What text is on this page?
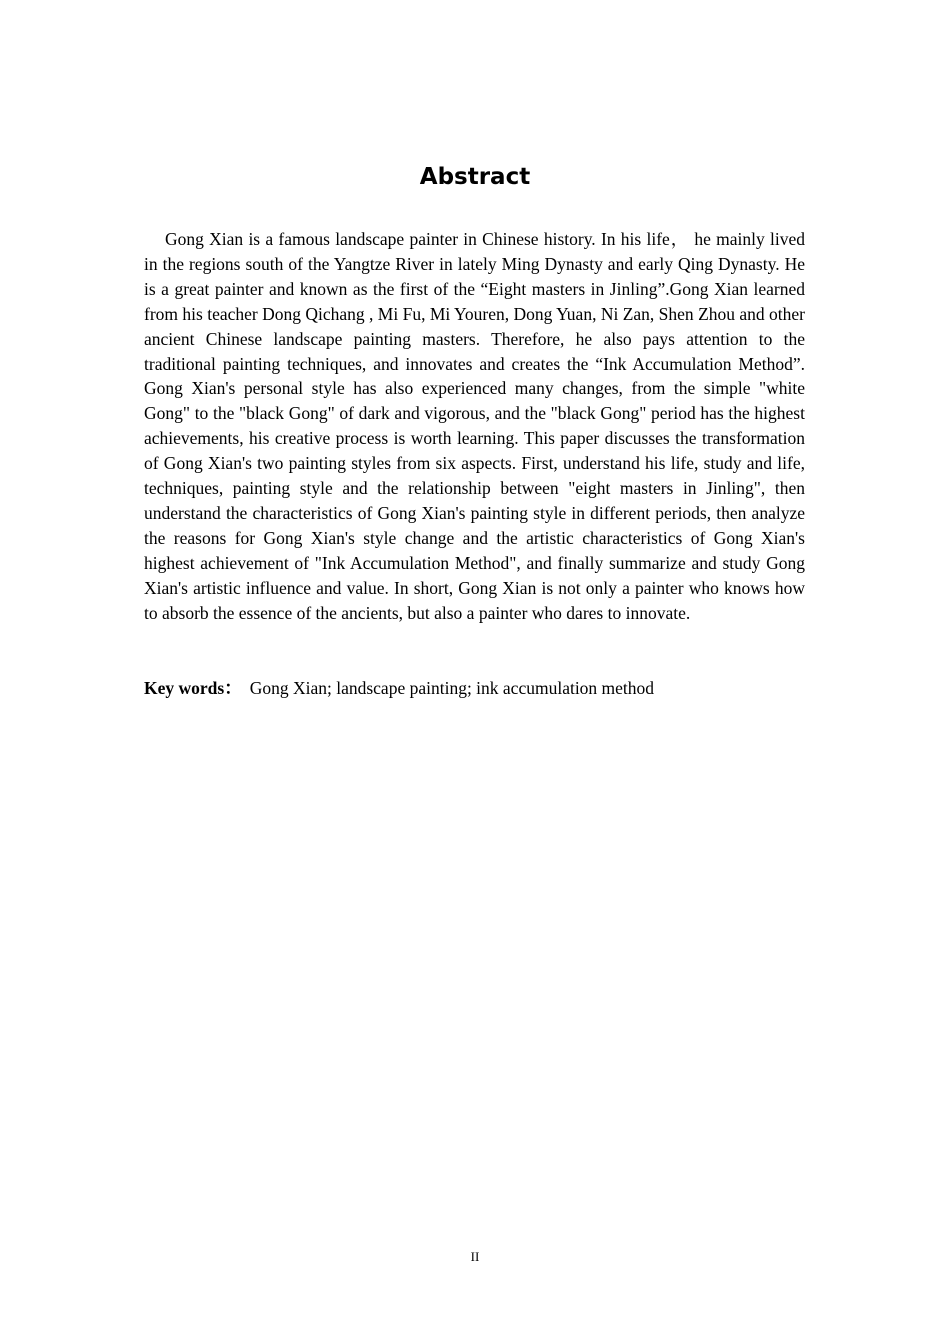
Abstract

Gong Xian is a famous landscape painter in Chinese history. In his life， he mainly lived in the regions south of the Yangtze River in lately Ming Dynasty and early Qing Dynasty. He is a great painter and known as the first of the “Eight masters in Jinling”.Gong Xian learned from his teacher Dong Qichang , Mi Fu, Mi Youren, Dong Yuan, Ni Zan, Shen Zhou and other ancient Chinese landscape painting masters. Therefore, he also pays attention to the traditional painting techniques, and innovates and creates the “Ink Accumulation Method”. Gong Xian's personal style has also experienced many changes, from the simple "white Gong" to the "black Gong" of dark and vigorous, and the "black Gong" period has the highest achievements, his creative process is worth learning. This paper discusses the transformation of Gong Xian's two painting styles from six aspects. First, understand his life, study and life, techniques, painting style and the relationship between "eight masters in Jinling", then understand the characteristics of Gong Xian's painting style in different periods, then analyze the reasons for Gong Xian's style change and the artistic characteristics of Gong Xian's highest achievement of "Ink Accumulation Method", and finally summarize and study Gong Xian's artistic influence and value. In short, Gong Xian is not only a painter who knows how to absorb the essence of the ancients, but also a painter who dares to innovate.

Key words： Gong Xian; landscape painting; ink accumulation method

II
